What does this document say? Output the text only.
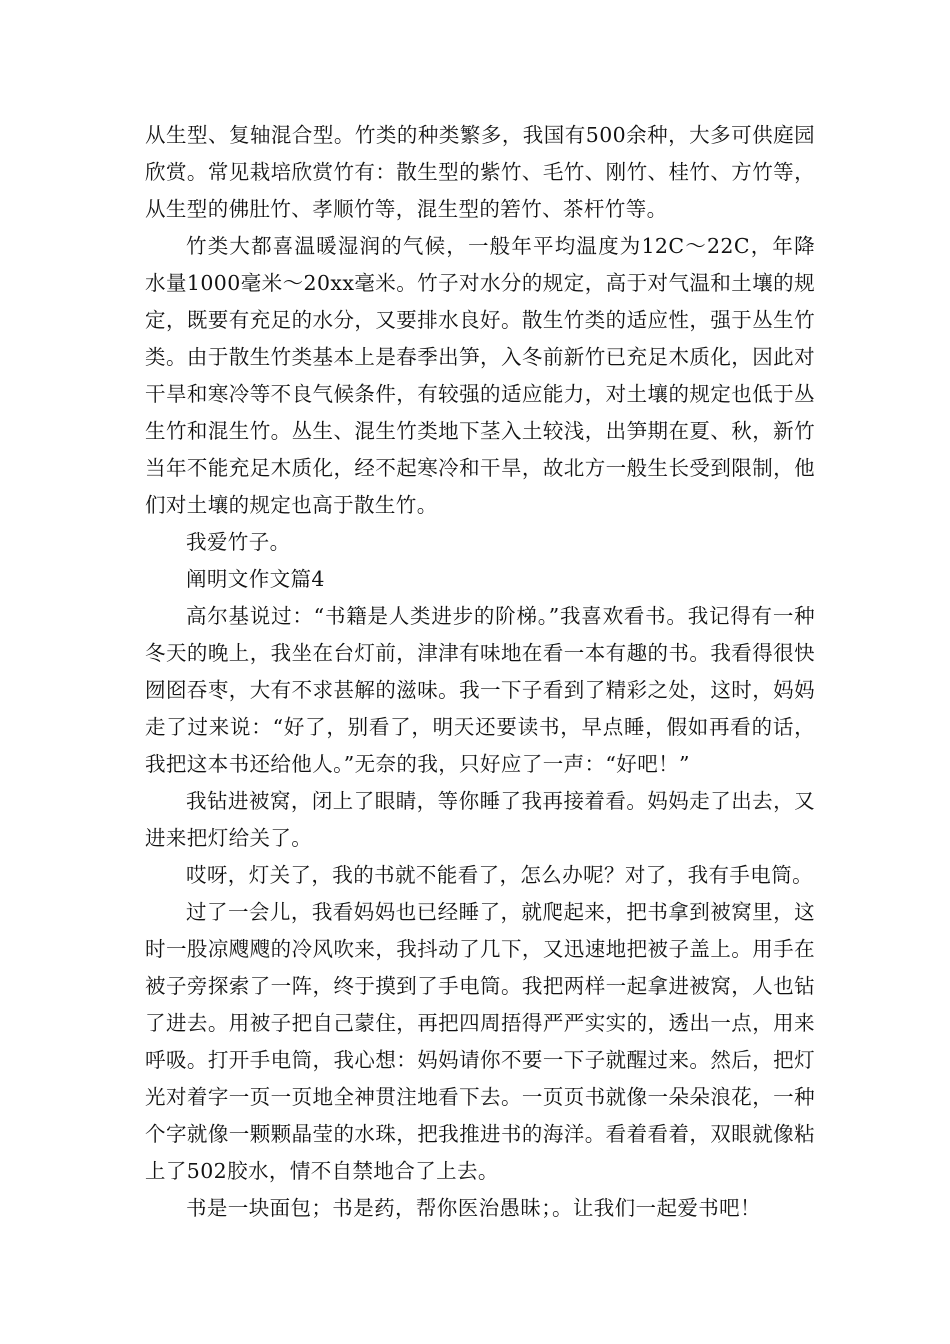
从生型、复轴混合型。竹类的种类繁多，我国有500余种，大多可供庭园欣赏。常见栽培欣赏竹有：散生型的紫竹、毛竹、刚竹、桂竹、方竹等，从生型的佛肚竹、孝顺竹等，混生型的箬竹、茶杆竹等。

竹类大都喜温暖湿润的气候，一般年平均温度为12C～22C，年降水量1000毫米～20xx毫米。竹子对水分的规定，高于对气温和土壤的规定，既要有充足的水分，又要排水良好。散生竹类的适应性，强于丛生竹类。由于散生竹类基本上是春季出笋，入冬前新竹已充足木质化，因此对干旱和寒冷等不良气候条件，有较强的适应能力，对土壤的规定也低于丛生竹和混生竹。丛生、混生竹类地下茎入土较浅，出笋期在夏、秋，新竹当年不能充足木质化，经不起寒冷和干旱，故北方一般生长受到限制，他们对土壤的规定也高于散生竹。

我爱竹子。

阐明文作文篇4

高尔基说过：“书籍是人类进步的阶梯。”我喜欢看书。我记得有一种冬天的晚上，我坐在台灯前，津津有味地在看一本有趣的书。我看得很快囫囵吞枣，大有不求甚解的滋味。我一下子看到了精彩之处，这时，妈妈走了过来说：“好了，别看了，明天还要读书，早点睡，假如再看的话，我把这本书还给他人。”无奈的我，只好应了一声：“好吧！”

我钻进被窝，闭上了眼睛，等你睡了我再接着看。妈妈走了出去，又进来把灯给关了。

哎呀，灯关了，我的书就不能看了，怎么办呢？对了，我有手电筒。

过了一会儿，我看妈妈也已经睡了，就爬起来，把书拿到被窝里，这时一股凉飕飕的冷风吹来，我抖动了几下，又迅速地把被子盖上。用手在被子旁探索了一阵，终于摸到了手电筒。我把两样一起拿进被窝，人也钻了进去。用被子把自己蒙住，再把四周捂得严严实实的，透出一点，用来呼吸。打开手电筒，我心想：妈妈请你不要一下子就醒过来。然后，把灯光对着字一页一页地全神贯注地看下去。一页页书就像一朵朵浪花，一种个字就像一颗颗晶莹的水珠，把我推进书的海洋。看着看着，双眼就像粘上了502胶水，情不自禁地合了上去。

书是一块面包；书是药，帮你医治愚昧；。让我们一起爱书吧！
